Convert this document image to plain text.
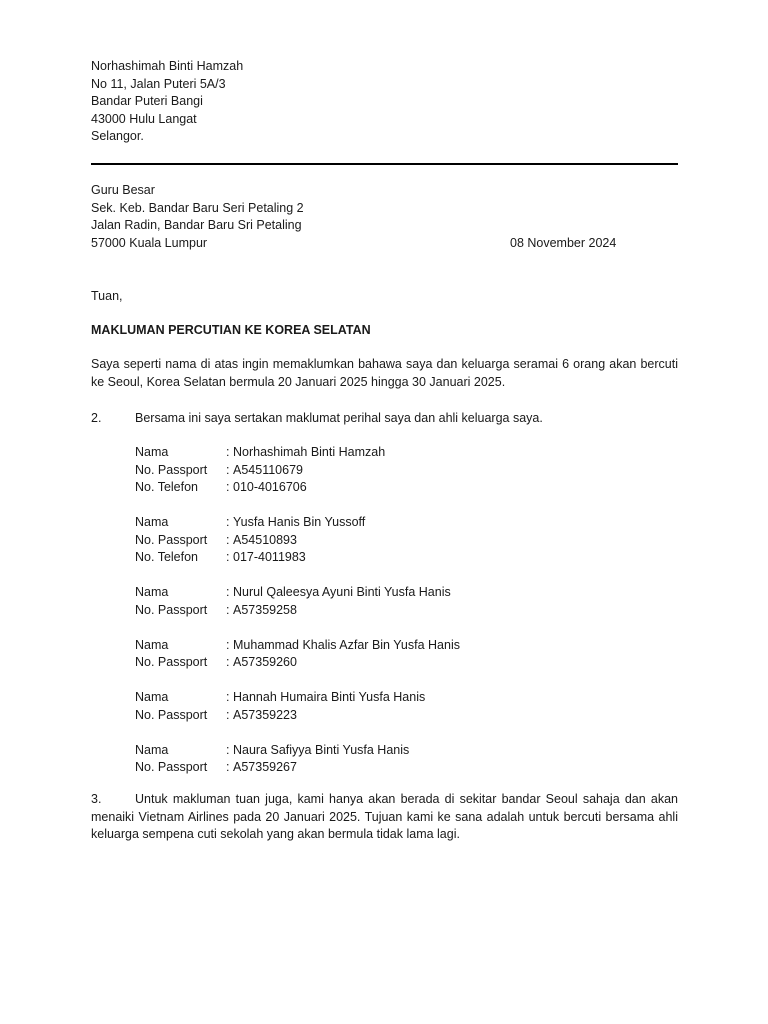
Norhashimah Binti Hamzah
No 11, Jalan Puteri 5A/3
Bandar Puteri Bangi
43000 Hulu Langat
Selangor.
Guru Besar
Sek. Keb. Bandar Baru Seri Petaling 2
Jalan Radin, Bandar Baru Sri Petaling
57000 Kuala Lumpur	08 November 2024
Tuan,
MAKLUMAN PERCUTIAN KE KOREA SELATAN
Saya seperti nama di atas ingin memaklumkan bahawa saya dan keluarga seramai 6 orang akan bercuti ke Seoul, Korea Selatan bermula 20 Januari 2025 hingga 30 Januari 2025.
2.	Bersama ini saya sertakan maklumat perihal saya dan ahli keluarga saya.
Nama	: Norhashimah Binti Hamzah
No. Passport	: A545110679
No. Telefon	: 010-4016706
Nama	: Yusfa Hanis Bin Yussoff
No. Passport	: A54510893
No. Telefon	: 017-4011983
Nama	: Nurul Qaleesya Ayuni Binti Yusfa Hanis
No. Passport	: A57359258
Nama	: Muhammad Khalis Azfar Bin Yusfa Hanis
No. Passport	: A57359260
Nama	: Hannah Humaira Binti Yusfa Hanis
No. Passport	: A57359223
Nama	: Naura Safiyya Binti Yusfa Hanis
No. Passport	: A57359267
3.	Untuk makluman tuan juga, kami hanya akan berada di sekitar bandar Seoul sahaja dan akan menaiki Vietnam Airlines pada 20 Januari 2025. Tujuan kami ke sana adalah untuk bercuti bersama ahli keluarga sempena cuti sekolah yang akan bermula tidak lama lagi.
